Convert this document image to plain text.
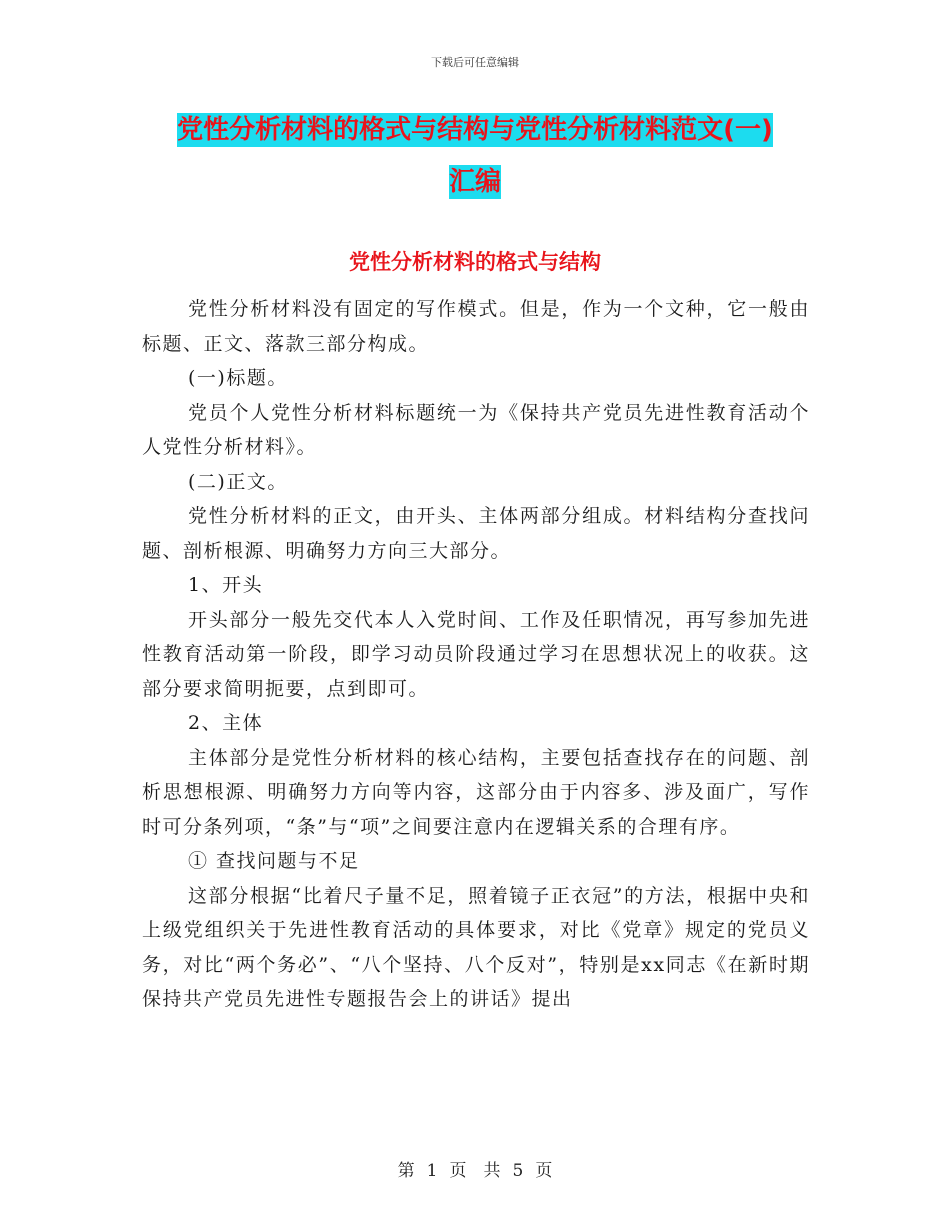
下载后可任意编辑
党性分析材料的格式与结构与党性分析材料范文(一)
汇编
党性分析材料的格式与结构

党性分析材料没有固定的写作模式。但是，作为一个文种，它一般由标题、正文、落款三部分构成。

(一)标题。

党员个人党性分析材料标题统一为《保持共产党员先进性教育活动个人党性分析材料》。

(二)正文。

党性分析材料的正文，由开头、主体两部分组成。材料结构分查找问题、剖析根源、明确努力方向三大部分。

1、开头

开头部分一般先交代本人入党时间、工作及任职情况，再写参加先进性教育活动第一阶段，即学习动员阶段通过学习在思想状况上的收获。这部分要求简明扼要，点到即可。

2、主体

主体部分是党性分析材料的核心结构，主要包括查找存在的问题、剖析思想根源、明确努力方向等内容，这部分由于内容多、涉及面广，写作时可分条列项，“条”与“项”之间要注意内在逻辑关系的合理有序。

① 查找问题与不足

这部分根据“比着尺子量不足，照着镜子正衣冠”的方法，根据中央和上级党组织关于先进性教育活动的具体要求，对比《党章》规定的党员义务，对比“两个务必”、“八个坚持、八个反对”，特别是xx同志《在新时期保持共产党员先进性专题报告会上的讲话》提出

第 1 页　共 5 页
